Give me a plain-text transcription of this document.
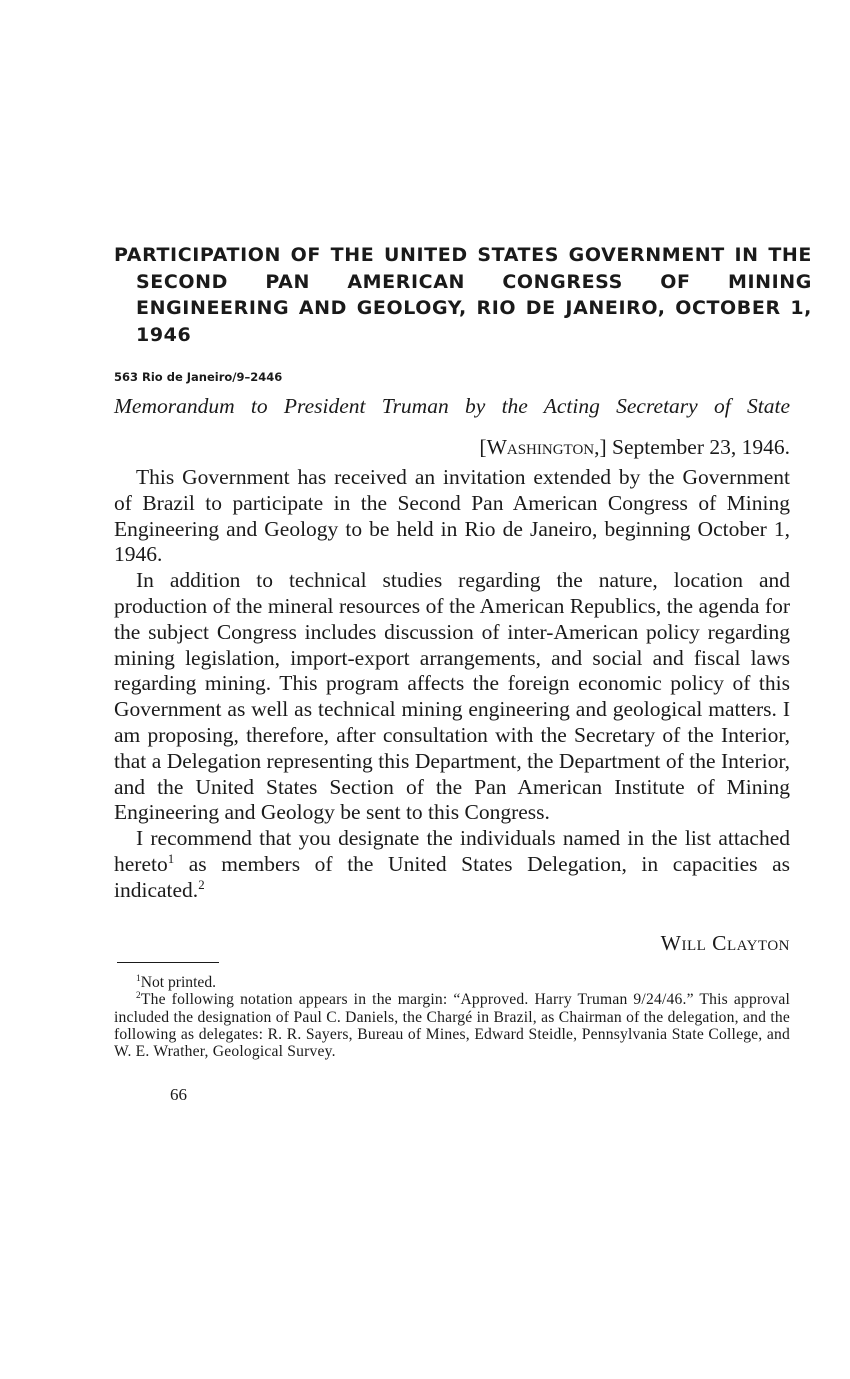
PARTICIPATION OF THE UNITED STATES GOVERNMENT IN THE SECOND PAN AMERICAN CONGRESS OF MINING ENGINEERING AND GEOLOGY, RIO DE JANEIRO, OCTOBER 1, 1946
563 Rio de Janeiro/9–2446
Memorandum to President Truman by the Acting Secretary of State
[Washington,] September 23, 1946.

This Government has received an invitation extended by the Government of Brazil to participate in the Second Pan American Congress of Mining Engineering and Geology to be held in Rio de Janeiro, beginning October 1, 1946.

In addition to technical studies regarding the nature, location and production of the mineral resources of the American Republics, the agenda for the subject Congress includes discussion of inter-American policy regarding mining legislation, import-export arrangements, and social and fiscal laws regarding mining. This program affects the foreign economic policy of this Government as well as technical mining engineering and geological matters. I am proposing, therefore, after consultation with the Secretary of the Interior, that a Delegation representing this Department, the Department of the Interior, and the United States Section of the Pan American Institute of Mining Engineering and Geology be sent to this Congress.

I recommend that you designate the individuals named in the list attached hereto$^1$ as members of the United States Delegation, in capacities as indicated.$^2$

Will Clayton

$^1$Not printed.

$^2$The following notation appears in the margin: “Approved. Harry Truman 9/24/46.” This approval included the designation of Paul C. Daniels, the Chargé in Brazil, as Chairman of the delegation, and the following as delegates: R. R. Sayers, Bureau of Mines, Edward Steidle, Pennsylvania State College, and W. E. Wrather, Geological Survey.

66
